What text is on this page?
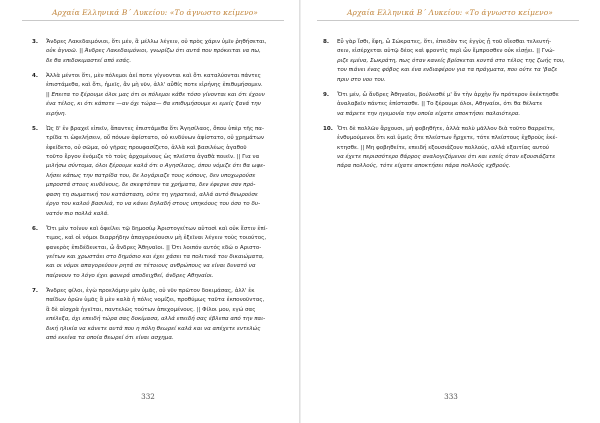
Αρχαία Ελληνικά Β΄ Λυκείου: «Το άγνωστο κείμενο»
3. Ἄνδρες Λακεδαιμόνιοι, ὅτι μέν, ἃ μέλλω λέγειν, οὐ πρὸς χάριν ὑμῖν ῥηθήσεται,
οὐκ ἀγνοῶ. || Άνδρες Λακεδαιμόνιοι, γνωρίζω ότι αυτά που πρόκειται να πω,
δε θα επιδοκιμαστεί από εσάς.
4. Ἀλλὰ μέντοι ὅτι, μὲν πόλεμοι ἀεί ποτε γίγνονται καὶ ὅτι καταλύονται πάντες
ἐπιστάμεθα, καὶ ὅτι, ἡμεῖς, ἂν μὴ νῦν, ἀλλ' αὖθίς ποτε εἰρήνης ἐπιθυμήσομεν.
|| Επειτα το ξέρουμε όλοι μας ότι οι πόλεμοι κάθε τόσο γίνονται και ότι έχουν
ένα τέλος, κι ότι κάποτε —αν όχι τώρα— θα επιθυμήσουμε κι εμείς ξανά την
ειρήνη.
5. Ὡς δ' ἐν βραχεῖ εἰπεῖν, ἅπαντες ἐπιστάμεθα ὅτι Ἀγησίλαος, ὅπου ὑπὲρ τῆς πα-
τρίδα τι ὠφελήσειν, οὔ πόνων ἀφίστατο, οὐ κινδύνων ἀφίστατο, οὐ χρημάτων
ἐφείδετο, οὐ σῶμα, οὐ γῆρας προυφασίζετο, ἀλλὰ καὶ βασιλέως ἀγαθοῦ
τοῦτο ἔργον ἐνόμιζε τὸ τοὺς ἀρχομένους ὡς πλεῖστα ἀγαθὰ ποιεῖν. || Για να
μιλήσω σύντομα, όλοι ξέρουμε καλά ότι ο Αγησίλαος, όπου νόμιζε ότι θα ωφε-
λήσει κάπως την πατρίδα του, δε λογάριαζε τους κόπους, δεν υποχωρούσε
μπροστά στους κινδύνους, δε σκεφτόταν τα χρήματα, δεν έφερνε σαν πρό-
φαση τη σωματική του κατάσταση, ούτε τη γηρατειά, αλλά αυτό θεωρούσε
έργο του καλού βασιλιά, το να κάνει δηλαδή στους υπηκόους του όσο το δυ-
νατόν πιο πολλά καλά.
6. Ὅτι μὲν τοίνυν καὶ ὀφείλει τῷ δημοσίῳ Ἀριστογείτων αὐτοσὶ καὶ οὐκ ἔστιν ἐπί-
τιμος, καὶ οἱ νόμοι διαρρήδην ἀπαγορεύουσιν μὴ ἐξεῖναι λέγειν τοὺς τοιούτος,
φανερὸς ἐπιδέδεικται, ὦ ἄνδρες Ἀθηναῖοι. || Ότι λοιπόν αυτός εδώ ο Αριστο-
γείτων και χρωστάει στο δημόσιο και έχει χάσει τα πολιτικά του δικαιώματα,
και οι νόμοι απαγορεύουν ρητά σε τέτοιους ανθρώπους να είναι δυνατό να
παίρνουν το λόγο έχει φανερά αποδειχθεί, άνδρες Αθηναίοι.
7. Ἄνδρες φίλοι, ἐγὼ προελόμην μὲν ὑμᾶς, οὐ νῦν πρῶτον δοκιμάσας, ἀλλ' ἐκ
παίδων ὁρῶν ὑμᾶς ἃ μὲν καλὰ ἡ πόλις νομίζει, προθύμως ταῦτα ἐκπονοῦντας,
ἃ δὲ αἰσχρὰ ἡγεῖται, παντελῶς τούτων ἀπεχομένους. || Φίλοι μου, εγώ σας
επέλεξα, όχι επειδή τώρα σας δοκίμασα, αλλά επειδή σας έβλεπα από την παι-
δική ηλικία να κάνετε αυτά που η πόλη θεωρεί καλά και να απέχετε εντελώς
από εκείνα τα οποία θεωρεί ότι είναι ασχημα.
332
Αρχαία Ελληνικά Β΄ Λυκείου: «Το άγνωστο κείμενο»
8. Εὖ γὰρ ἴσθι, ἔφη, ὦ Σώκρατες, ὅτι, ἐπειδὰν τις ἐγγὺς ᾖ τοῦ οἴεσθαι τελευτή-
σειν, εἰσέρχεται αὐτῷ δέος καὶ φροντὶς περὶ ὧν ἔμπροσθεν οὐκ εἰσῄει. || Γνώ-
ριζε εμένα, Σωκράτη, πως όταν κανείς βρίσκεται κοντά στο τέλος της ζωής του,
τον πιάνει ένας φόβος και ένα ενδιαφέρον για τα πράγματα, που ούτε τα 'βαζε
πριν στο νου του.
9. Ὅτι μέν, ὦ ἄνδρες Ἀθηναῖοι, βούλεσθέ μ' ἄν τὴν ἀρχὴν ἥν πρότερον ἐκέκτησθε
ἀναλαβεῖν πάντες ἐπίστασθε. || Το ξέρουμε όλοι, Αθηναίοι, ότι θα θέλατε
να πάρετε την ηγεμονία την οποία είχατε αποκτήσει παλαιότερα.
10. Ὅτι δὲ πολλῶν ἄρχουσι, μὴ φοβηθῆτε, ἀλλὰ πολὺ μᾶλλον διὰ τοῦτο θαρρεῖτε,
ἐνθυμούμενοι ὅτι καὶ ὑμεῖς ὅτε πλείστων ἤρχετε, τότε πλείστους ἐχθροὺς ἐκέ-
κτησθε. || Μη φοβηθείτε, επειδή εξουσιάζουν πολλούς, αλλά εξαιτίας αυτού
να έχετε περισσότερο θάρρος αναλογιζόμενοι ότι και εσείς όταν εξουσιάζατε
πάρα πολλούς, τότε είχατε αποκτήσει πάρα πολλούς εχθρούς.
333
